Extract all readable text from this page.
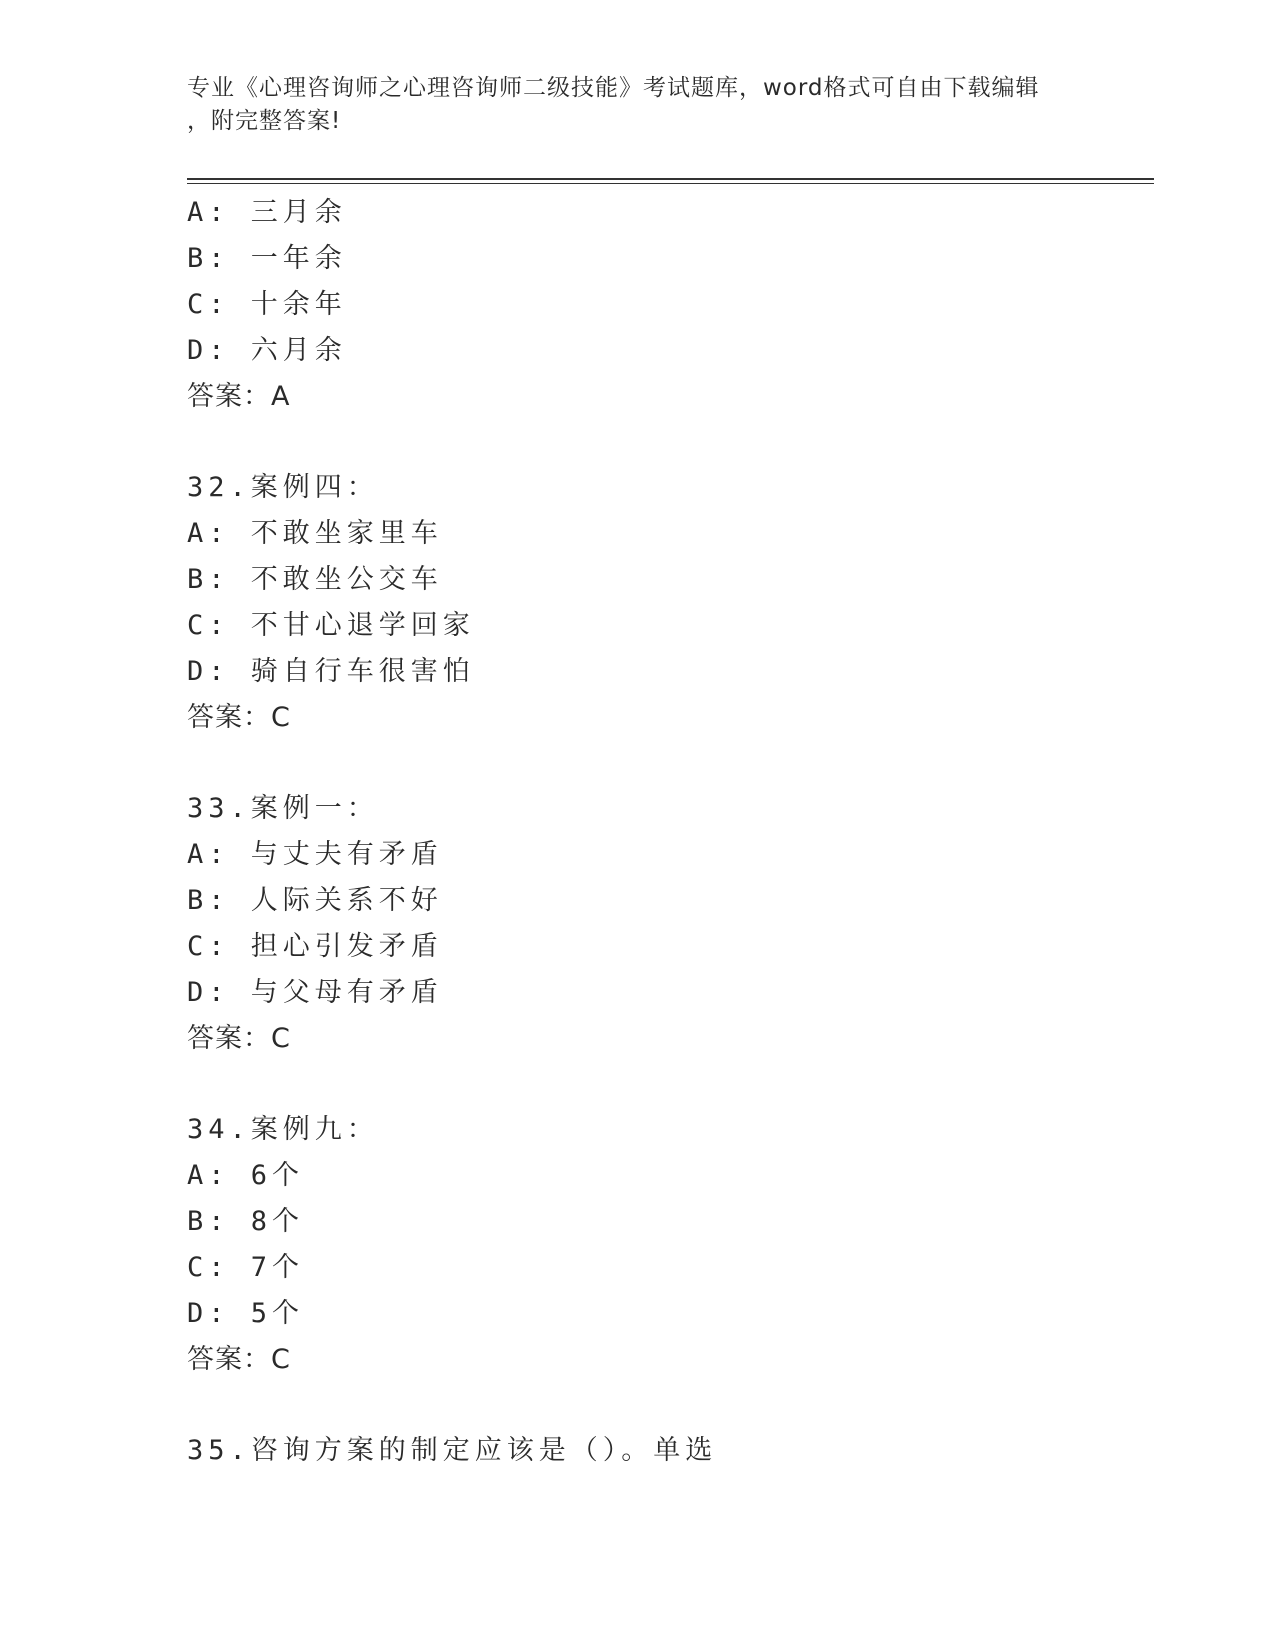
专业《心理咨询师之心理咨询师二级技能》考试题库，word格式可自由下载编辑
，附完整答案!
A: 三月余
B: 一年余
C: 十余年
D: 六月余
答案：A
32.案例四：
A: 不敢坐家里车
B: 不敢坐公交车
C: 不甘心退学回家
D: 骑自行车很害怕
答案：C
33.案例一：
A: 与丈夫有矛盾
B: 人际关系不好
C: 担心引发矛盾
D: 与父母有矛盾
答案：C
34.案例九：
A: 6个
B: 8个
C: 7个
D: 5个
答案：C
35.咨询方案的制定应该是（）。单选
